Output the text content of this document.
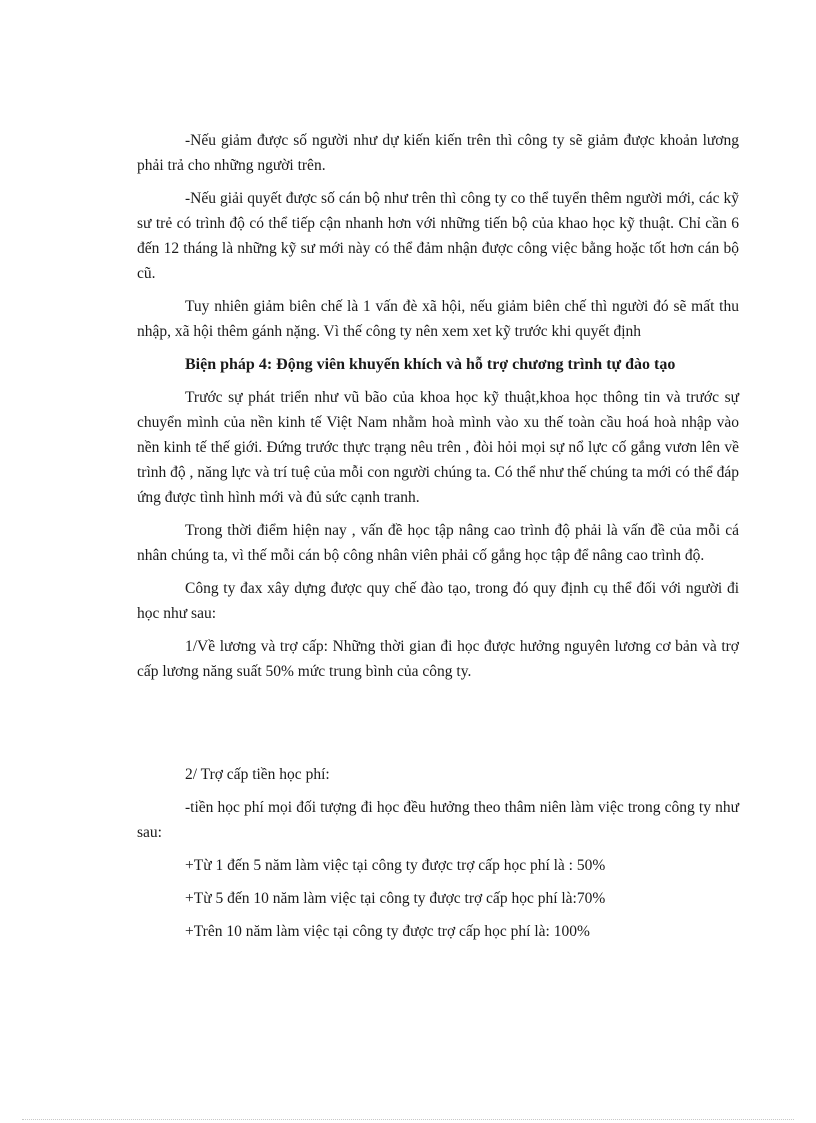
-Nếu giảm được số người như dự kiến kiến trên thì công ty sẽ giảm được khoản lương phải trả cho những người trên.

-Nếu giải quyết được số cán bộ như trên thì công ty co thể tuyển thêm người mới, các kỹ sư trẻ có trình độ có thể tiếp cận nhanh hơn với những tiến bộ của khao học kỹ thuật. Chỉ cần 6 đến 12 tháng là những kỹ sư mới này có thể đảm nhận được công việc bằng hoặc tốt hơn cán bộ cũ.

Tuy nhiên giảm biên chế là 1 vấn đè xã hội, nếu giảm biên chế thì người đó sẽ mất thu nhập, xã hội thêm gánh nặng. Vì thế công ty nên xem xet kỹ trước khi quyết định

Biện pháp 4: Động viên khuyến khích và hỗ trợ chương trình tự đào tạo

Trước sự phát triển như vũ bão của khoa học kỹ thuật,khoa học thông tin và trước sự chuyển mình của nền kinh tế Việt Nam nhằm hoà mình vào xu thế toàn cầu hoá hoà nhập vào nền kinh tế thế giới. Đứng trước thực trạng nêu trên , đòi hỏi mọi sự nổ lực cố gắng vươn lên về trình độ , năng lực và trí tuệ của mỗi con người chúng ta. Có thể như thế chúng ta mới có thể đáp ứng được tình hình mới và đủ sức cạnh tranh.

Trong thời điểm hiện nay , vấn đề học tập nâng cao trình độ phải là vấn đề của mỗi cá nhân chúng ta, vì thế mỗi cán bộ công nhân viên phải cố gắng học tập để nâng cao trình độ.

Công ty đax xây dựng được quy chế đào tạo, trong đó quy định cụ thể đối với người đi học như sau:

1/Về lương và trợ cấp: Những thời gian đi học được hưởng nguyên lương cơ bản và trợ cấp lương năng suất 50% mức trung bình của công ty.

2/ Trợ cấp tiền học phí:

-tiền học phí mọi đối tượng đi học đều hưởng theo thâm niên làm việc trong công ty như sau:

+Từ 1 đến 5 năm làm việc tại công ty được trợ cấp học phí là : 50%

+Từ 5 đến 10 năm làm việc tại công ty được trợ cấp học phí là:70%

+Trên 10 năm làm việc tại công ty được trợ cấp học phí là: 100%
